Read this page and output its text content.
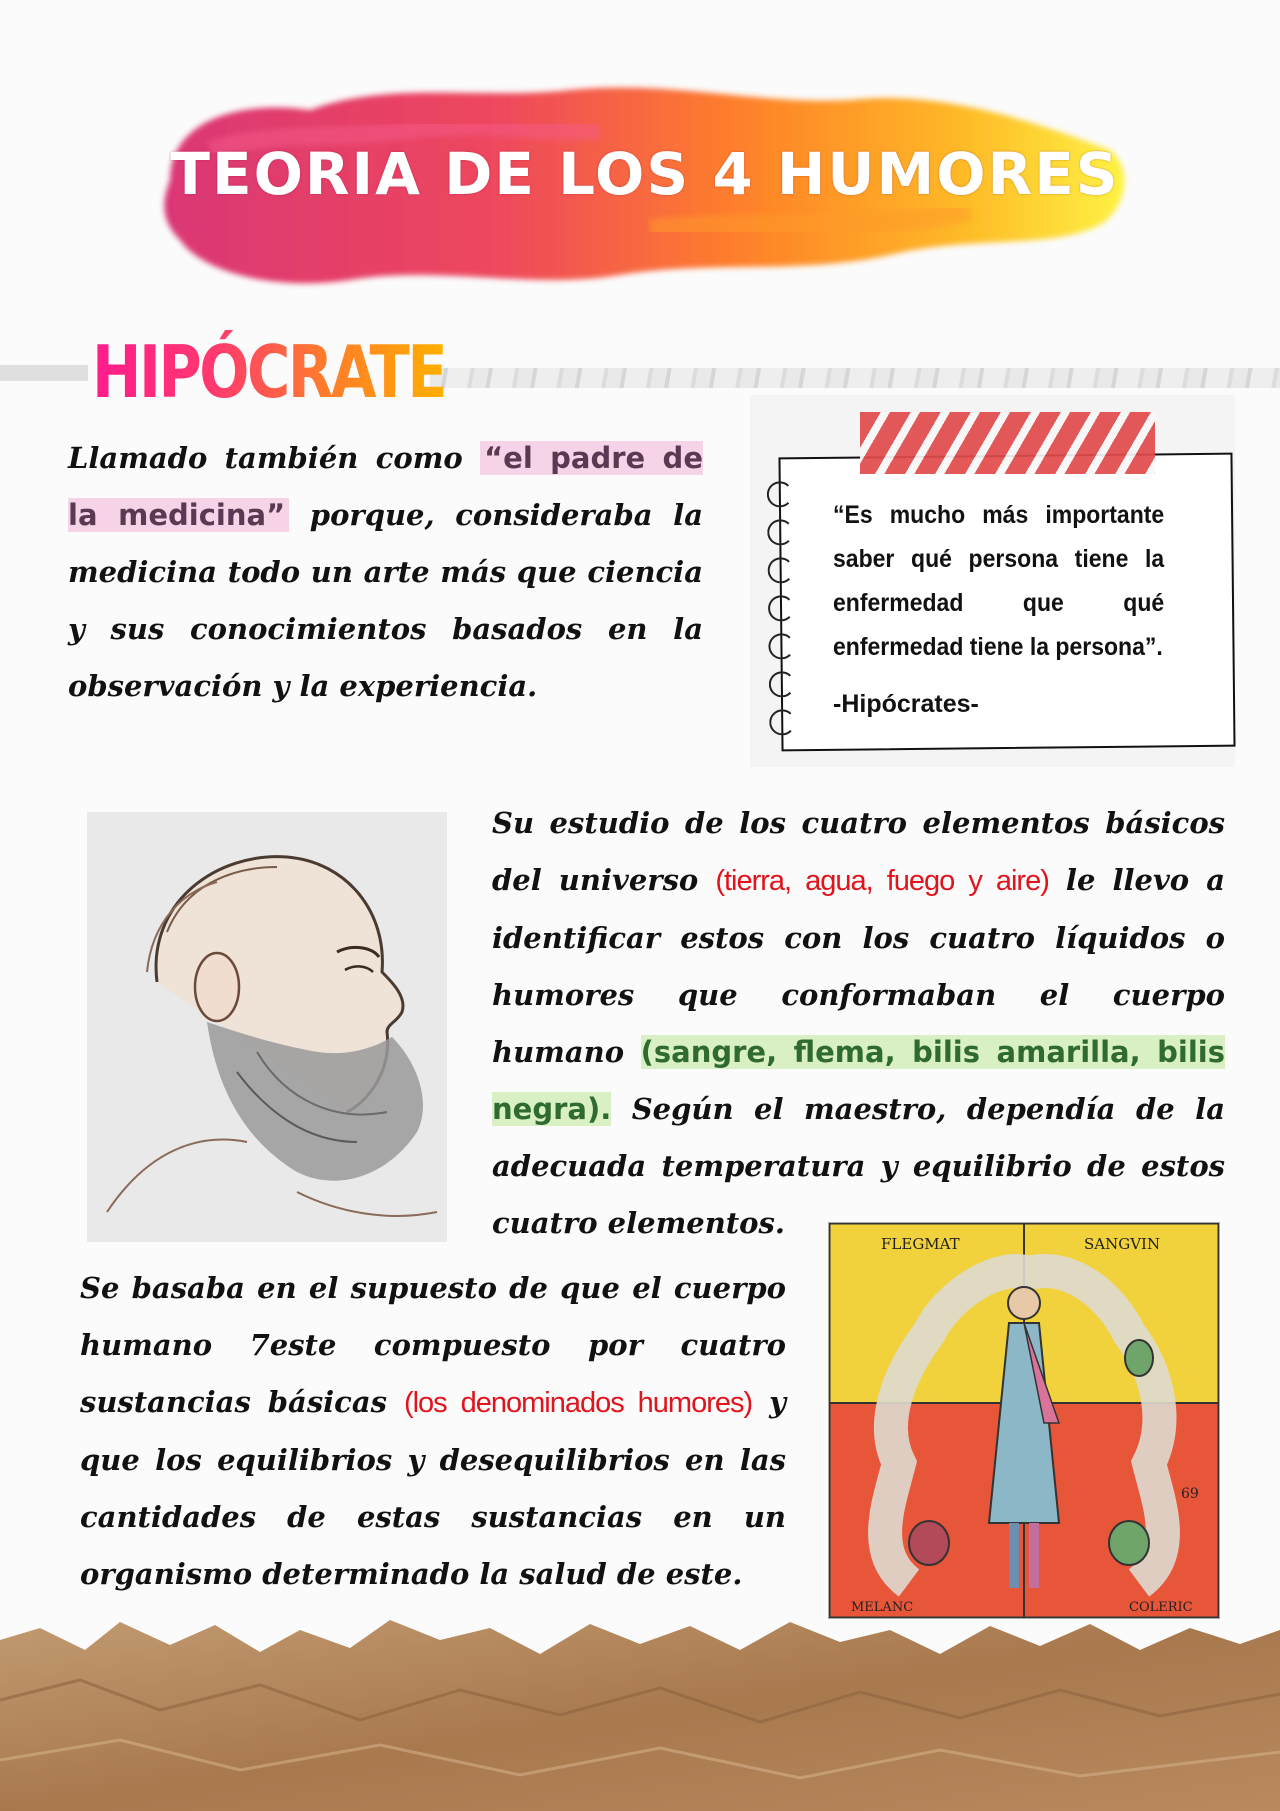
TEORIA DE LOS 4 HUMORES
HIPÓCRATE
Llamado también como “el padre de la medicina” porque, consideraba la medicina todo un arte más que ciencia y sus conocimientos basados en la observación y la experiencia.
“Es mucho más importante saber qué persona tiene la enfermedad que qué enfermedad tiene la persona”.
-Hipócrates-
Su estudio de los cuatro elementos básicos del universo (tierra, agua, fuego y aire) le llevo a identificar estos con los cuatro líquidos o humores que conformaban el cuerpo humano (sangre, flema, bilis amarilla, bilis negra). Según el maestro, dependía de la adecuada temperatura y equilibrio de estos cuatro elementos.
Se basaba en el supuesto de que el cuerpo humano 7este compuesto por cuatro sustancias básicas (los denominados humores) y que los equilibrios y desequilibrios en las cantidades de estas sustancias en un organismo determinado la salud de este.
FLEGMAT	SANGVIN
MELANC	COLERIC
69
